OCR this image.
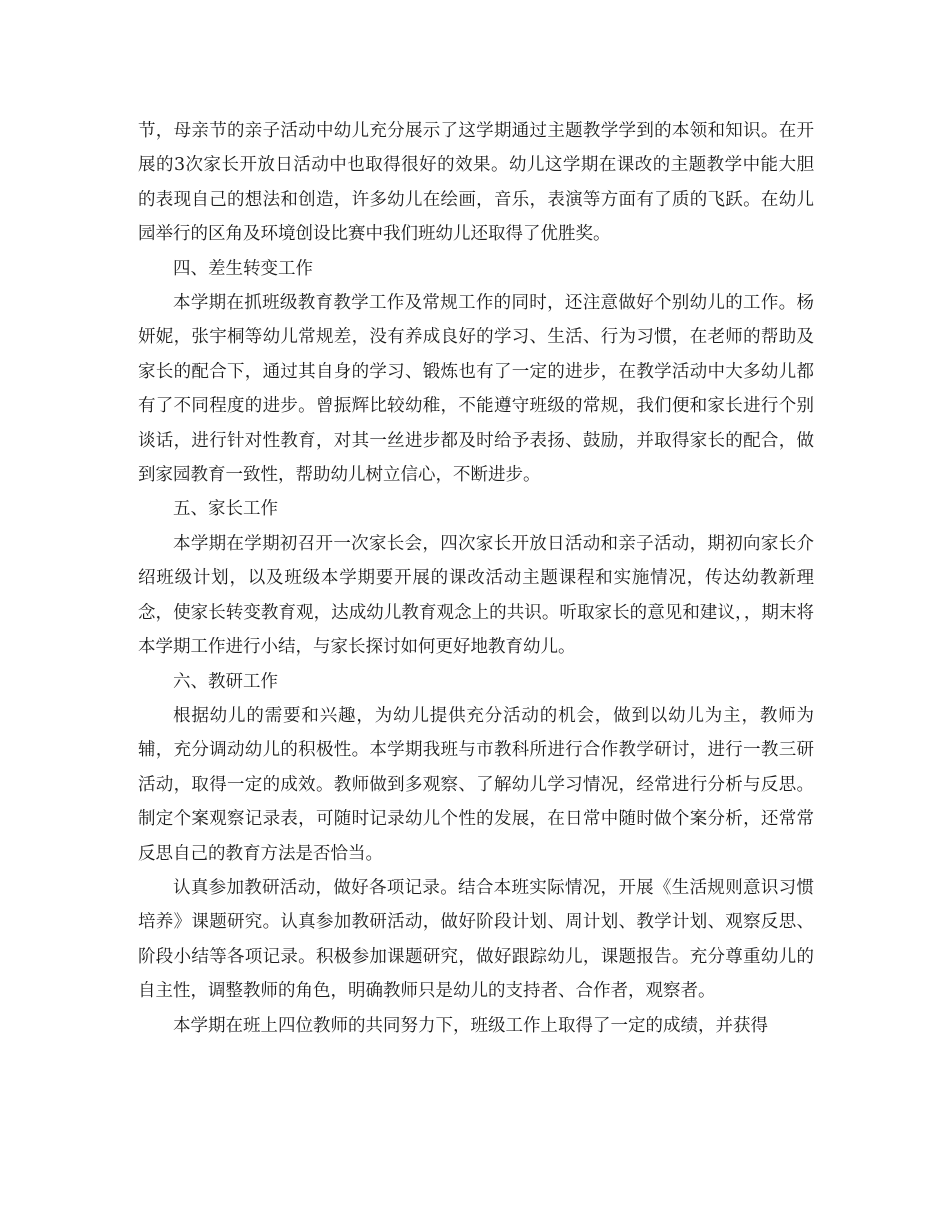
节，母亲节的亲子活动中幼儿充分展示了这学期通过主题教学学到的本领和知识。在开展的3次家长开放日活动中也取得很好的效果。幼儿这学期在课改的主题教学中能大胆的表现自己的想法和创造，许多幼儿在绘画，音乐，表演等方面有了质的飞跃。在幼儿园举行的区角及环境创设比赛中我们班幼儿还取得了优胜奖。

四、差生转变工作

本学期在抓班级教育教学工作及常规工作的同时，还注意做好个别幼儿的工作。杨妍妮，张宇桐等幼儿常规差，没有养成良好的学习、生活、行为习惯，在老师的帮助及家长的配合下，通过其自身的学习、锻炼也有了一定的进步，在教学活动中大多幼儿都有了不同程度的进步。曾振辉比较幼稚，不能遵守班级的常规，我们便和家长进行个别谈话，进行针对性教育，对其一丝进步都及时给予表扬、鼓励，并取得家长的配合，做到家园教育一致性，帮助幼儿树立信心，不断进步。

五、家长工作

本学期在学期初召开一次家长会，四次家长开放日活动和亲子活动，期初向家长介绍班级计划，以及班级本学期要开展的课改活动主题课程和实施情况，传达幼教新理念，使家长转变教育观，达成幼儿教育观念上的共识。听取家长的意见和建议，，期末将本学期工作进行小结，与家长探讨如何更好地教育幼儿。

六、教研工作

根据幼儿的需要和兴趣，为幼儿提供充分活动的机会，做到以幼儿为主，教师为辅，充分调动幼儿的积极性。本学期我班与市教科所进行合作教学研讨，进行一教三研活动，取得一定的成效。教师做到多观察、了解幼儿学习情况，经常进行分析与反思。制定个案观察记录表，可随时记录幼儿个性的发展，在日常中随时做个案分析，还常常反思自己的教育方法是否恰当。

认真参加教研活动，做好各项记录。结合本班实际情况，开展《生活规则意识习惯培养》课题研究。认真参加教研活动，做好阶段计划、周计划、教学计划、观察反思、阶段小结等各项记录。积极参加课题研究，做好跟踪幼儿，课题报告。充分尊重幼儿的自主性，调整教师的角色，明确教师只是幼儿的支持者、合作者，观察者。

本学期在班上四位教师的共同努力下，班级工作上取得了一定的成绩，并获得
